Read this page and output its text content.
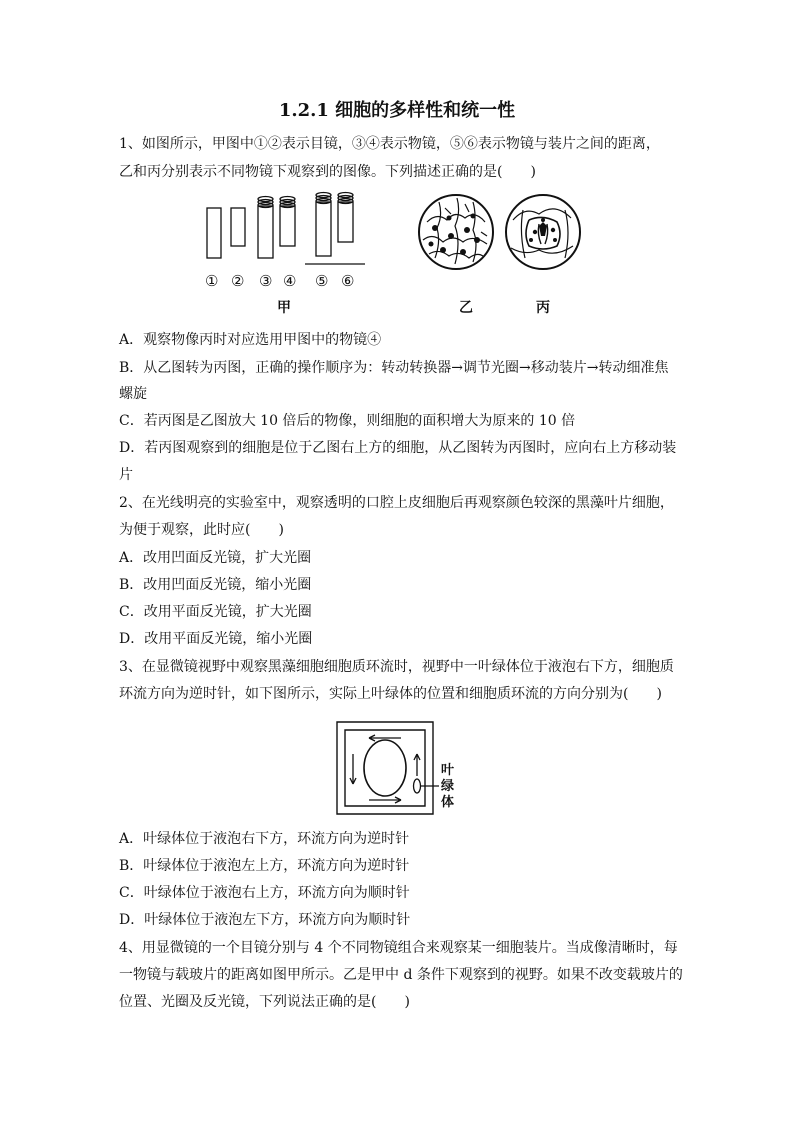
1.2.1 细胞的多样性和统一性
1、如图所示，甲图中①②表示目镜，③④表示物镜，⑤⑥表示物镜与装片之间的距离，
乙和丙分别表示不同物镜下观察到的图像。下列描述正确的是(　　)
① ② ③ ④ ⑤ ⑥
甲	乙	丙
A．观察物像丙时对应选用甲图中的物镜④
B．从乙图转为丙图，正确的操作顺序为：转动转换器→调节光圈→移动装片→转动细准焦
螺旋
C．若丙图是乙图放大 10 倍后的物像，则细胞的面积增大为原来的 10 倍
D．若丙图观察到的细胞是位于乙图右上方的细胞，从乙图转为丙图时，应向右上方移动装
片
2、在光线明亮的实验室中，观察透明的口腔上皮细胞后再观察颜色较深的黑藻叶片细胞，
为便于观察，此时应(　　)
A．改用凹面反光镜，扩大光圈
B．改用凹面反光镜，缩小光圈
C．改用平面反光镜，扩大光圈
D．改用平面反光镜，缩小光圈
3、在显微镜视野中观察黑藻细胞细胞质环流时，视野中一叶绿体位于液泡右下方，细胞质
环流方向为逆时针，如下图所示，实际上叶绿体的位置和细胞质环流的方向分别为(　　)
叶
绿
体
A．叶绿体位于液泡右下方，环流方向为逆时针
B．叶绿体位于液泡左上方，环流方向为逆时针
C．叶绿体位于液泡右上方，环流方向为顺时针
D．叶绿体位于液泡左下方，环流方向为顺时针
4、用显微镜的一个目镜分别与 4 个不同物镜组合来观察某一细胞装片。当成像清晰时，每
一物镜与载玻片的距离如图甲所示。乙是甲中 d 条件下观察到的视野。如果不改变载玻片的
位置、光圈及反光镜，下列说法正确的是(　　)
